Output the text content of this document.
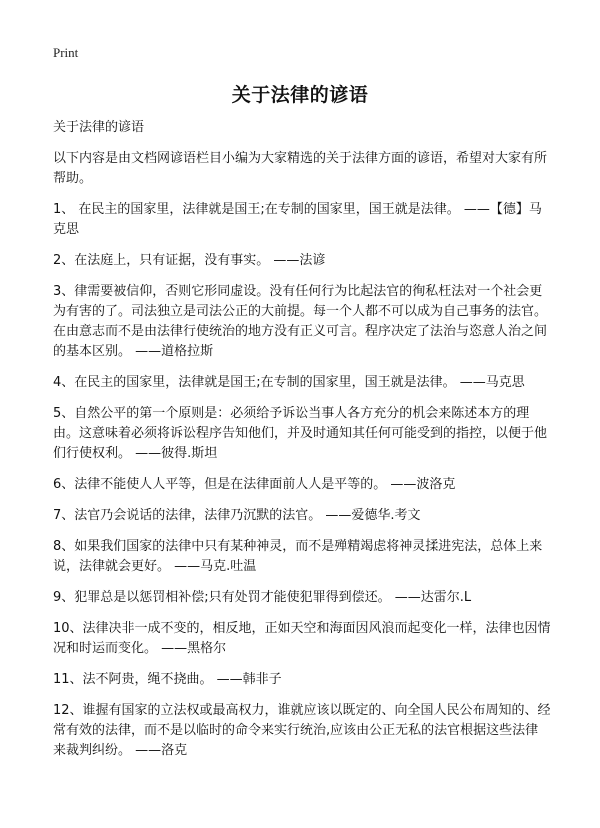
Print
关于法律的谚语

关于法律的谚语

以下内容是由文档网谚语栏目小编为大家精选的关于法律方面的谚语，希望对大家有所帮助。

1、 在民主的国家里，法律就是国王;在专制的国家里，国王就是法律。 ——【德】马克思

2、在法庭上，只有证据，没有事实。 ——法谚

3、律需要被信仰，否则它形同虚设。没有任何行为比起法官的徇私枉法对一个社会更为有害的了。司法独立是司法公正的大前提。每一个人都不可以成为自己事务的法官。在由意志而不是由法律行使统治的地方没有正义可言。程序决定了法治与恣意人治之间的基本区别。 ——道格拉斯

4、在民主的国家里，法律就是国王;在专制的国家里，国王就是法律。 ——马克思

5、自然公平的第一个原则是：必须给予诉讼当事人各方充分的机会来陈述本方的理由。这意味着必须将诉讼程序告知他们，并及时通知其任何可能受到的指控，以便于他们行使权利。 ——彼得.斯坦

6、法律不能使人人平等，但是在法律面前人人是平等的。 ——波洛克

7、法官乃会说话的法律，法律乃沉默的法官。 ——爱德华.考文

8、如果我们国家的法律中只有某种神灵，而不是殚精竭虑将神灵揉进宪法，总体上来说，法律就会更好。 ——马克.吐温

9、犯罪总是以惩罚相补偿;只有处罚才能使犯罪得到偿还。 ——达雷尔.L

10、法律决非一成不变的，相反地，正如天空和海面因风浪而起变化一样，法律也因情况和时运而变化。 ——黑格尔

11、法不阿贵，绳不挠曲。 ——韩非子

12、谁握有国家的立法权或最高权力，谁就应该以既定的、向全国人民公布周知的、经常有效的法律，而不是以临时的命令来实行统治,应该由公正无私的法官根据这些法律来裁判纠纷。 ——洛克
